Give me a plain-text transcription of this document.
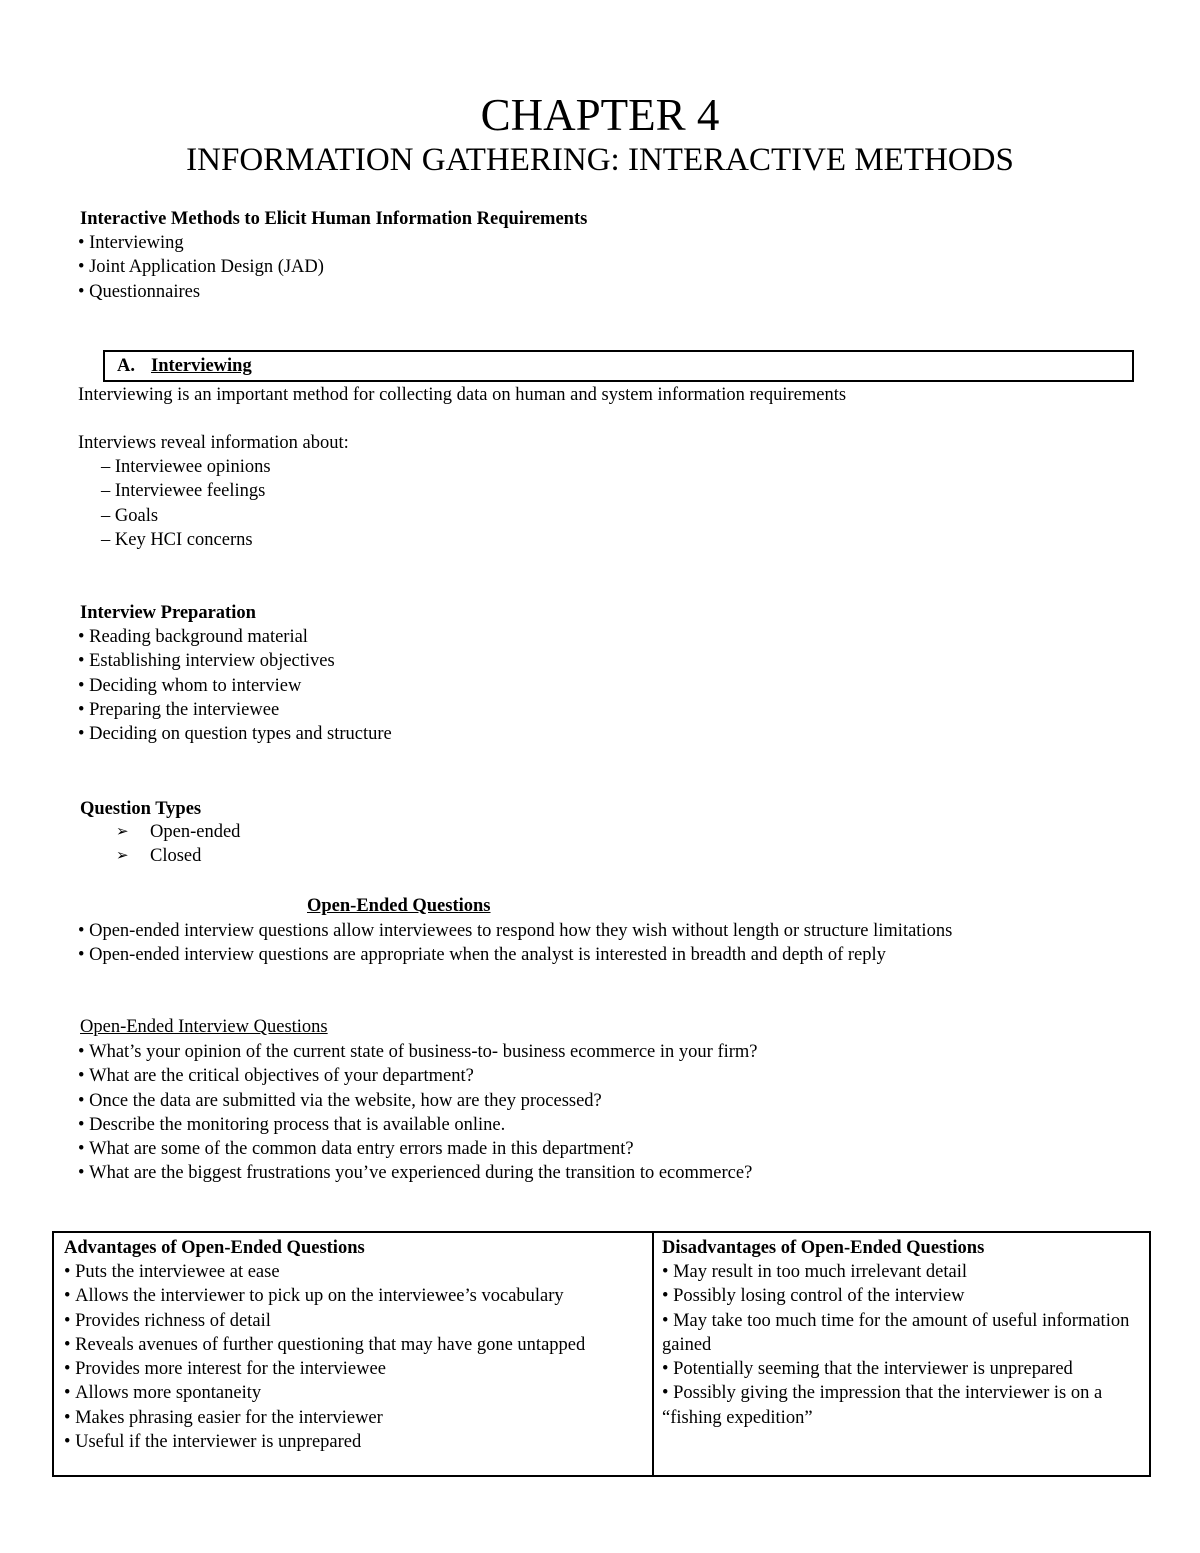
CHAPTER 4
INFORMATION GATHERING: INTERACTIVE METHODS
Interactive Methods to Elicit Human Information Requirements
• Interviewing
• Joint Application Design (JAD)
• Questionnaires
A. Interviewing
Interviewing is an important method for collecting data on human and system information requirements
Interviews reveal information about:
– Interviewee opinions
– Interviewee feelings
– Goals
– Key HCI concerns
Interview Preparation
• Reading background material
• Establishing interview objectives
• Deciding whom to interview
• Preparing the interviewee
• Deciding on question types and structure
Question Types
➢	Open-ended
➢	Closed
Open-Ended Questions
• Open-ended interview questions allow interviewees to respond how they wish without length or structure limitations
• Open-ended interview questions are appropriate when the analyst is interested in breadth and depth of reply
Open-Ended Interview Questions
• What’s your opinion of the current state of business-to- business ecommerce in your firm?
• What are the critical objectives of your department?
• Once the data are submitted via the website, how are they processed?
• Describe the monitoring process that is available online.
• What are some of the common data entry errors made in this department?
• What are the biggest frustrations you’ve experienced during the transition to ecommerce?
Advantages of Open-Ended Questions
• Puts the interviewee at ease
• Allows the interviewer to pick up on the interviewee’s vocabulary
• Provides richness of detail
• Reveals avenues of further questioning that may have gone untapped
• Provides more interest for the interviewee
• Allows more spontaneity
• Makes phrasing easier for the interviewer
• Useful if the interviewer is unprepared

Disadvantages of Open-Ended Questions
• May result in too much irrelevant detail
• Possibly losing control of the interview
• May take too much time for the amount of useful information gained
• Potentially seeming that the interviewer is unprepared
• Possibly giving the impression that the interviewer is on a “fishing expedition”
